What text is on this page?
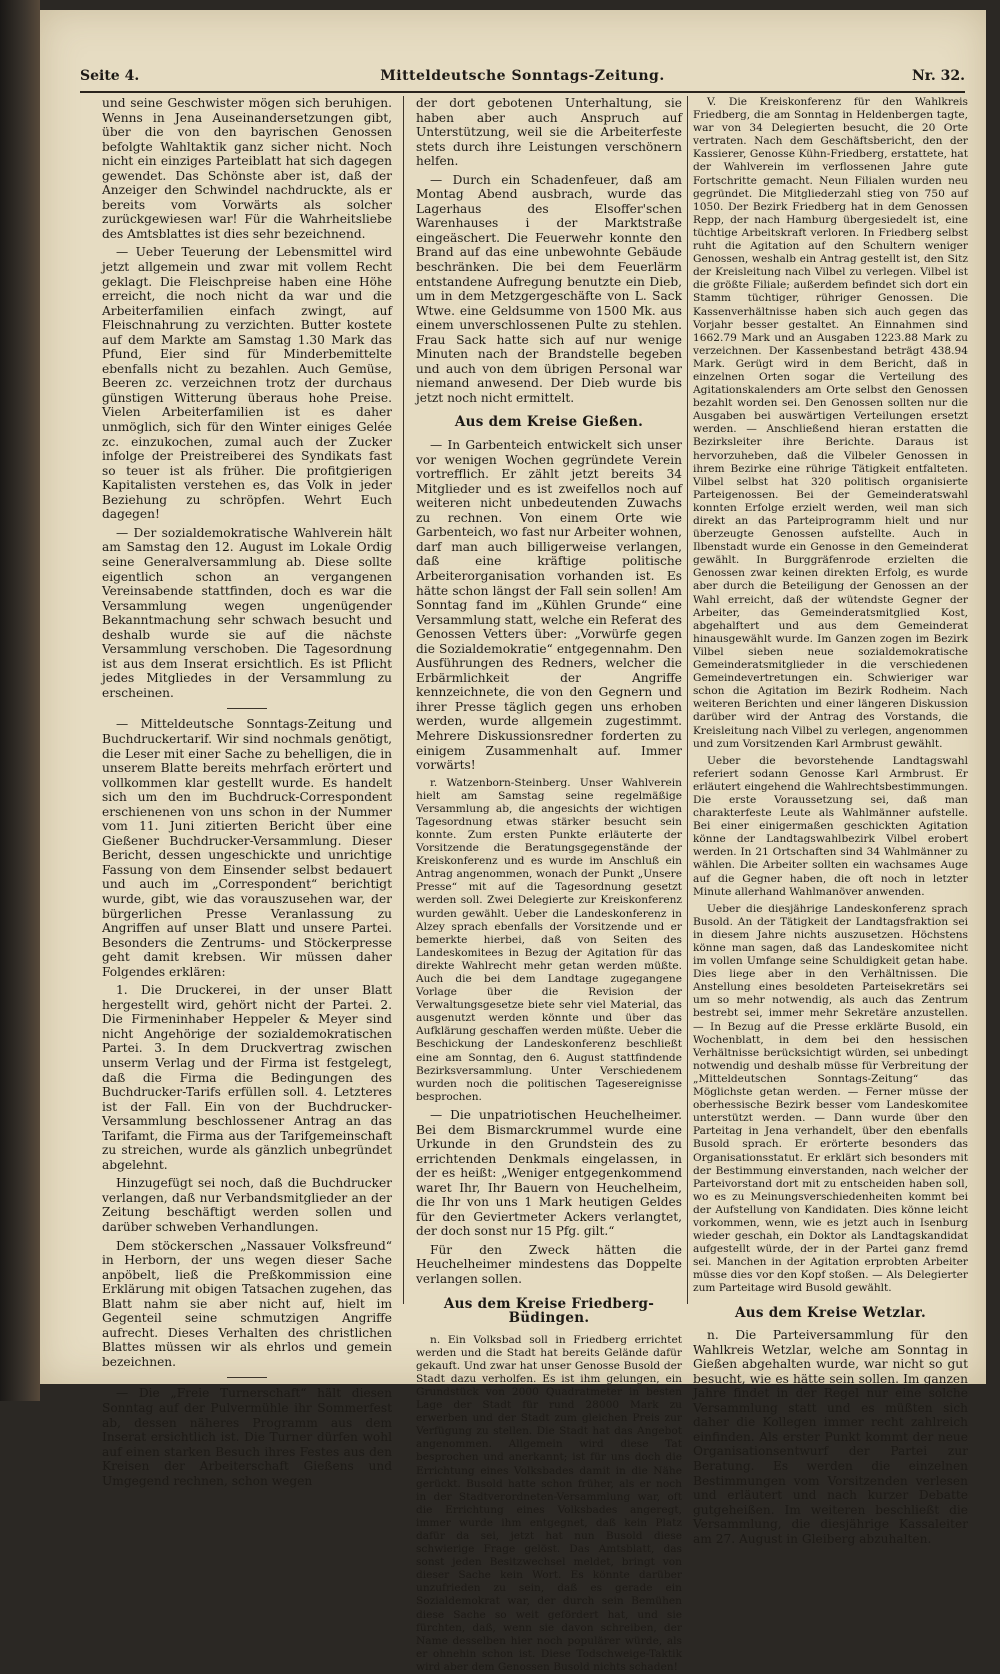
Seite 4.	Mitteldeutsche Sonntags-Zeitung.	Nr. 32.

und seine Geschwister mögen sich beruhigen. Wenns in Jena Auseinandersetzungen gibt, über die von den bayrischen Genossen befolgte Wahltaktik ganz sicher nicht. Noch nicht ein einziges Parteiblatt hat sich dagegen gewendet. Das Schönste aber ist, daß der Anzeiger den Schwindel nachdruckte, als er bereits vom Vorwärts als solcher zurückgewiesen war! Für die Wahrheitsliebe des Amtsblattes ist dies sehr bezeichnend.

— Ueber Teuerung der Lebensmittel wird jetzt allgemein und zwar mit vollem Recht geklagt. Die Fleischpreise haben eine Höhe erreicht, die noch nicht da war und die Arbeiterfamilien einfach zwingt, auf Fleischnahrung zu verzichten. Butter kostete auf dem Markte am Samstag 1.30 Mark das Pfund, Eier sind für Minderbemittelte ebenfalls nicht zu bezahlen. Auch Gemüse, Beeren zc. verzeichnen trotz der durchaus günstigen Witterung überaus hohe Preise. Vielen Arbeiterfamilien ist es daher unmöglich, sich für den Winter einiges Gelée zc. einzukochen, zumal auch der Zucker infolge der Preistreiberei des Syndikats fast so teuer ist als früher. Die profitgierigen Kapitalisten verstehen es, das Volk in jeder Beziehung zu schröpfen. Wehrt Euch dagegen!

— Der sozialdemokratische Wahlverein hält am Samstag den 12. August im Lokale Ordig seine Generalversammlung ab. Diese sollte eigentlich schon an vergangenen Vereinsabende stattfinden, doch es war die Versammlung wegen ungenügender Bekanntmachung sehr schwach besucht und deshalb wurde sie auf die nächste Versammlung verschoben. Die Tagesordnung ist aus dem Inserat ersichtlich. Es ist Pflicht jedes Mitgliedes in der Versammlung zu erscheinen.

— Mitteldeutsche Sonntags-Zeitung und Buchdruckertarif. Wir sind nochmals genötigt, die Leser mit einer Sache zu behelligen, die in unserem Blatte bereits mehrfach erörtert und vollkommen klar gestellt wurde. Es handelt sich um den im Buchdruck-Correspondent erschienenen von uns schon in der Nummer vom 11. Juni zitierten Bericht über eine Gießener Buchdrucker-Versammlung. Dieser Bericht, dessen ungeschickte und unrichtige Fassung von dem Einsender selbst bedauert und auch im „Correspondent“ berichtigt wurde, gibt, wie das vorauszusehen war, der bürgerlichen Presse Veranlassung zu Angriffen auf unser Blatt und unsere Partei. Besonders die Zentrums- und Stöckerpresse geht damit krebsen. Wir müssen daher Folgendes erklären:

1. Die Druckerei, in der unser Blatt hergestellt wird, gehört nicht der Partei. 2. Die Firmeninhaber Heppeler & Meyer sind nicht Angehörige der sozialdemokratischen Partei. 3. In dem Druckvertrag zwischen unserm Verlag und der Firma ist festgelegt, daß die Firma die Bedingungen des Buchdrucker-Tarifs erfüllen soll. 4. Letzteres ist der Fall. Ein von der Buchdrucker-Versammlung beschlossener Antrag an das Tarifamt, die Firma aus der Tarifgemeinschaft zu streichen, wurde als gänzlich unbegründet abgelehnt.

Hinzugefügt sei noch, daß die Buchdrucker verlangen, daß nur Verbandsmitglieder an der Zeitung beschäftigt werden sollen und darüber schweben Verhandlungen.

Dem stöckerschen „Nassauer Volksfreund“ in Herborn, der uns wegen dieser Sache anpöbelt, ließ die Preßkommission eine Erklärung mit obigen Tatsachen zugehen, das Blatt nahm sie aber nicht auf, hielt im Gegenteil seine schmutzigen Angriffe aufrecht. Dieses Verhalten des christlichen Blattes müssen wir als ehrlos und gemein bezeichnen.

— Die „Freie Turnerschaft“ hält diesen Sonntag auf der Pulvermühle ihr Sommerfest ab, dessen näheres Programm aus dem Inserat ersichtlich ist. Die Turner dürfen wohl auf einen starken Besuch ihres Festes aus den Kreisen der Arbeiterschaft Gießens und Umgegend rechnen, schon wegen

der dort gebotenen Unterhaltung, sie haben aber auch Anspruch auf Unterstützung, weil sie die Arbeiterfeste stets durch ihre Leistungen verschönern helfen.

— Durch ein Schadenfeuer, daß am Montag Abend ausbrach, wurde das Lagerhaus des Elsoffer'schen Warenhauses i der Marktstraße eingeäschert. Die Feuerwehr konnte den Brand auf das eine unbewohnte Gebäude beschränken. Die bei dem Feuerlärm entstandene Aufregung benutzte ein Dieb, um in dem Metzgergeschäfte von L. Sack Wtwe. eine Geldsumme von 1500 Mk. aus einem unverschlossenen Pulte zu stehlen. Frau Sack hatte sich auf nur wenige Minuten nach der Brandstelle begeben und auch von dem übrigen Personal war niemand anwesend. Der Dieb wurde bis jetzt noch nicht ermittelt.

Aus dem Kreise Gießen.

— In Garbenteich entwickelt sich unser vor wenigen Wochen gegründete Verein vortrefflich. Er zählt jetzt bereits 34 Mitglieder und es ist zweifellos noch auf weiteren nicht unbedeutenden Zuwachs zu rechnen. Von einem Orte wie Garbenteich, wo fast nur Arbeiter wohnen, darf man auch billigerweise verlangen, daß eine kräftige politische Arbeiterorganisation vorhanden ist. Es hätte schon längst der Fall sein sollen! Am Sonntag fand im „Kühlen Grunde“ eine Versammlung statt, welche ein Referat des Genossen Vetters über: „Vorwürfe gegen die Sozialdemokratie“ entgegennahm. Den Ausführungen des Redners, welcher die Erbärmlichkeit der Angriffe kennzeichnete, die von den Gegnern und ihrer Presse täglich gegen uns erhoben werden, wurde allgemein zugestimmt. Mehrere Diskussionsredner forderten zu einigem Zusammenhalt auf. Immer vorwärts!

r. Watzenborn-Steinberg. Unser Wahlverein hielt am Samstag seine regelmäßige Versammlung ab, die angesichts der wichtigen Tagesordnung etwas stärker besucht sein konnte. Zum ersten Punkte erläuterte der Vorsitzende die Beratungsgegenstände der Kreiskonferenz und es wurde im Anschluß ein Antrag angenommen, wonach der Punkt „Unsere Presse“ mit auf die Tagesordnung gesetzt werden soll. Zwei Delegierte zur Kreiskonferenz wurden gewählt. Ueber die Landeskonferenz in Alzey sprach ebenfalls der Vorsitzende und er bemerkte hierbei, daß von Seiten des Landeskomitees in Bezug der Agitation für das direkte Wahlrecht mehr getan werden müßte. Auch die bei dem Landtage zugegangene Vorlage über die Revision der Verwaltungsgesetze biete sehr viel Material, das ausgenutzt werden könnte und über das Aufklärung geschaffen werden müßte. Ueber die Beschickung der Landeskonferenz beschließt eine am Sonntag, den 6. August stattfindende Bezirksversammlung. Unter Verschiedenem wurden noch die politischen Tagesereignisse besprochen.

— Die unpatriotischen Heuchelheimer. Bei dem Bismarckrummel wurde eine Urkunde in den Grundstein des zu errichtenden Denkmals eingelassen, in der es heißt: „Weniger entgegenkommend waret Ihr, Ihr Bauern von Heuchelheim, die Ihr von uns 1 Mark heutigen Geldes für den Geviertmeter Ackers verlangtet, der doch sonst nur 15 Pfg. gilt.“

Für den Zweck hätten die Heuchelheimer mindestens das Doppelte verlangen sollen.

Aus dem Kreise Friedberg-Büdingen.

n. Ein Volksbad soll in Friedberg errichtet werden und die Stadt hat bereits Gelände dafür gekauft. Und zwar hat unser Genosse Busold der Stadt dazu verholfen. Es ist ihm gelungen, ein Grundstück von 2000 Quadratmeter in besten Lage der Stadt für rund 28000 Mark zu erwerben und der Stadt zum gleichen Preis zur Verfügung zu stellen. Die Stadt hat das Angebot angenommen. Allgemein wird diese Tat besprochen und anerkannt; ist für uns doch die Errichtung eines Volksbades damit in die Nähe gerückt. Busold hatte schon früher, als er noch in der Stadtverordneten-Versammlung war, oft die Errichtung eines Volksbades angeregt, immer wurde ihm entgegnet, daß kein Platz dafür da sei, jetzt hat nun Busold diese schwierige Frage gelöst. Das Amtsblatt, das sonst jeden Besitzwechsel meldet, bringt von dieser Sache kein Wort. Es könnte darüber unzufrieden zu sein, daß es gerade ein Sozialdemokrat war, der durch sein Bemühen diese Sache so weit gefördert hat, und sie fürchten, daß, wenn sie davon schreiben, der Name desselben hier noch populärer würde, als er ohnehin schon ist. Diese Todschweige-Taktik wird aber dem Genossen Busold nichts schaden!

V. Die Kreiskonferenz für den Wahlkreis Friedberg, die am Sonntag in Heldenbergen tagte, war von 34 Delegierten besucht, die 20 Orte vertraten. Nach dem Geschäftsbericht, den der Kassierer, Genosse Kühn-Friedberg, erstattete, hat der Wahlverein im verflossenen Jahre gute Fortschritte gemacht. Neun Filialen wurden neu gegründet. Die Mitgliederzahl stieg von 750 auf 1050. Der Bezirk Friedberg hat in dem Genossen Repp, der nach Hamburg übergesiedelt ist, eine tüchtige Arbeitskraft verloren. In Friedberg selbst ruht die Agitation auf den Schultern weniger Genossen, weshalb ein Antrag gestellt ist, den Sitz der Kreisleitung nach Vilbel zu verlegen. Vilbel ist die größte Filiale; außerdem befindet sich dort ein Stamm tüchtiger, rühriger Genossen. Die Kassenverhältnisse haben sich auch gegen das Vorjahr besser gestaltet. An Einnahmen sind 1662.79 Mark und an Ausgaben 1223.88 Mark zu verzeichnen. Der Kassenbestand beträgt 438.94 Mark. Gerügt wird in dem Bericht, daß in einzelnen Orten sogar die Verteilung des Agitationskalenders am Orte selbst den Genossen bezahlt worden sei. Den Genossen sollten nur die Ausgaben bei auswärtigen Verteilungen ersetzt werden. — Anschließend hieran erstatten die Bezirksleiter ihre Berichte. Daraus ist hervorzuheben, daß die Vilbeler Genossen in ihrem Bezirke eine rührige Tätigkeit entfalteten. Vilbel selbst hat 320 politisch organisierte Parteigenossen. Bei der Gemeinderatswahl konnten Erfolge erzielt werden, weil man sich direkt an das Parteiprogramm hielt und nur überzeugte Genossen aufstellte. Auch in Ilbenstadt wurde ein Genosse in den Gemeinderat gewählt. In Burggräfenrode erzielten die Genossen zwar keinen direkten Erfolg, es wurde aber durch die Beteiligung der Genossen an der Wahl erreicht, daß der wütendste Gegner der Arbeiter, das Gemeinderatsmitglied Kost, abgehalftert und aus dem Gemeinderat hinausgewählt wurde. Im Ganzen zogen im Bezirk Vilbel sieben neue sozialdemokratische Gemeinderatsmitglieder in die verschiedenen Gemeindevertretungen ein. Schwieriger war schon die Agitation im Bezirk Rodheim. Nach weiteren Berichten und einer längeren Diskussion darüber wird der Antrag des Vorstands, die Kreisleitung nach Vilbel zu verlegen, angenommen und zum Vorsitzenden Karl Armbrust gewählt.

Ueber die bevorstehende Landtagswahl referiert sodann Genosse Karl Armbrust. Er erläutert eingehend die Wahlrechtsbestimmungen. Die erste Voraussetzung sei, daß man charakterfeste Leute als Wahlmänner aufstelle. Bei einer einigermaßen geschickten Agitation könne der Landtagswahlbezirk Vilbel erobert werden. In 21 Ortschaften sind 34 Wahlmänner zu wählen. Die Arbeiter sollten ein wachsames Auge auf die Gegner haben, die oft noch in letzter Minute allerhand Wahlmanöver anwenden.

Ueber die diesjährige Landeskonferenz sprach Busold. An der Tätigkeit der Landtagsfraktion sei in diesem Jahre nichts auszusetzen. Höchstens könne man sagen, daß das Landeskomitee nicht im vollen Umfange seine Schuldigkeit getan habe. Dies liege aber in den Verhältnissen. Die Anstellung eines besoldeten Parteisekretärs sei um so mehr notwendig, als auch das Zentrum bestrebt sei, immer mehr Sekretäre anzustellen. — In Bezug auf die Presse erklärte Busold, ein Wochenblatt, in dem bei den hessischen Verhältnisse berücksichtigt würden, sei unbedingt notwendig und deshalb müsse für Verbreitung der „Mitteldeutschen Sonntags-Zeitung“ das Möglichste getan werden. — Ferner müsse der oberhessische Bezirk besser vom Landeskomitee unterstützt werden. — Dann wurde über den Parteitag in Jena verhandelt, über den ebenfalls Busold sprach. Er erörterte besonders das Organisationsstatut. Er erklärt sich besonders mit der Bestimmung einverstanden, nach welcher der Parteivorstand dort mit zu entscheiden haben soll, wo es zu Meinungsverschiedenheiten kommt bei der Aufstellung von Kandidaten. Dies könne leicht vorkommen, wenn, wie es jetzt auch in Isenburg wieder geschah, ein Doktor als Landtagskandidat aufgestellt würde, der in der Partei ganz fremd sei. Manchen in der Agitation erprobten Arbeiter müsse dies vor den Kopf stoßen. — Als Delegierter zum Parteitage wird Busold gewählt.

Aus dem Kreise Wetzlar.

n. Die Parteiversammlung für den Wahlkreis Wetzlar, welche am Sonntag in Gießen abgehalten wurde, war nicht so gut besucht, wie es hätte sein sollen. Im ganzen Jahre findet in der Regel nur eine solche Versammlung statt und es müßten sich daher die Kollegen immer recht zahlreich einfinden. Als erster Punkt kommt der neue Organisationsentwurf der Partei zur Beratung. Es werden die einzelnen Bestimmungen vom Vorsitzenden verlesen und erläutert und nach kurzer Debatte gutgeheißen. Im weiteren beschließt die Versammlung, die diesjährige Kassaleiter am 27. August in Gleiberg abzuhalten.
